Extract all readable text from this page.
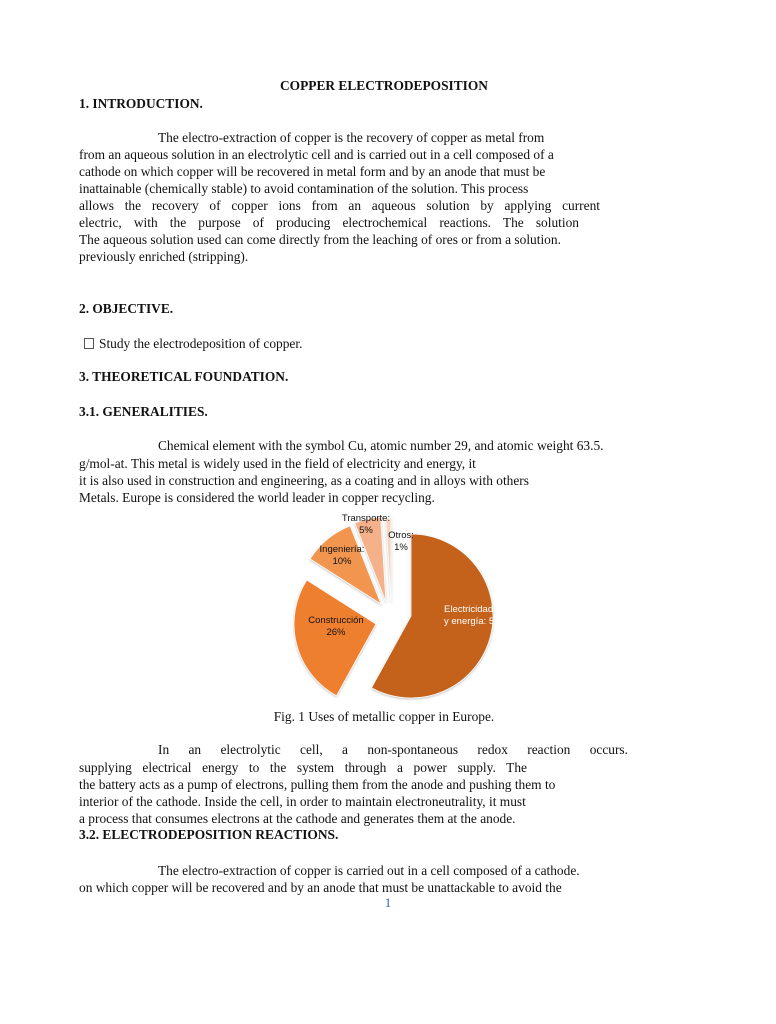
COPPER ELECTRODEPOSITION
1. INTRODUCTION.
The electro-extraction of copper is the recovery of copper as metal from
from an aqueous solution in an electrolytic cell and is carried out in a cell composed of a
cathode on which copper will be recovered in metal form and by an anode that must be
inattainable (chemically stable) to avoid contamination of the solution. This process
allows the recovery of copper ions from an aqueous solution by applying current
electric, with the purpose of producing electrochemical reactions. The solution
The aqueous solution used can come directly from the leaching of ores or from a solution.
previously enriched (stripping).
2. OBJECTIVE.
Study the electrodeposition of copper.
3. THEORETICAL FOUNDATION.
3.1. GENERALITIES.
Chemical element with the symbol Cu, atomic number 29, and atomic weight 63.5.
g/mol-at. This metal is widely used in the field of electricity and energy, it
it is also used in construction and engineering, as a coating and in alloys with others
Metals. Europe is considered the world leader in copper recycling.
Electricidad y energía: 58%
Construcción 26%
Ingeniería: 10%
Transporte: 5%	Otros: 1%
Fig. 1 Uses of metallic copper in Europe.
In an electrolytic cell, a non-spontaneous redox reaction occurs.
supplying electrical energy to the system through a power supply. The
the battery acts as a pump of electrons, pulling them from the anode and pushing them to
interior of the cathode. Inside the cell, in order to maintain electroneutrality, it must
a process that consumes electrons at the cathode and generates them at the anode.
3.2. ELECTRODEPOSITION REACTIONS.
The electro-extraction of copper is carried out in a cell composed of a cathode.
on which copper will be recovered and by an anode that must be unattackable to avoid the
1
